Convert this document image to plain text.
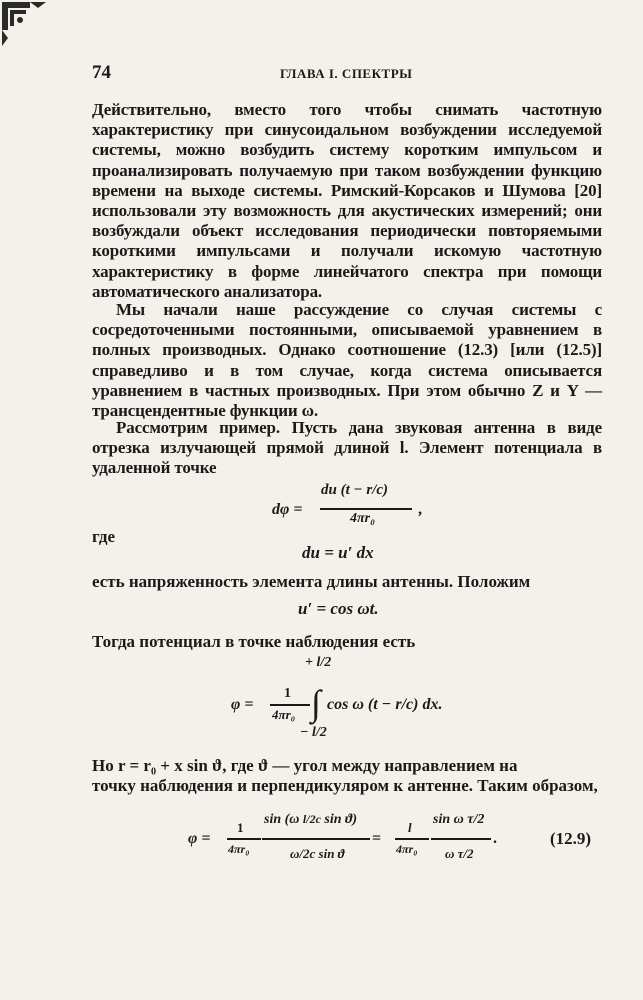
74	ГЛАВА I. СПЕКТРЫ

Действительно, вместо того чтобы снимать частотную характеристику при синусоидальном возбуждении исследуемой системы, можно возбудить систему коротким импульсом и проанализировать получаемую при таком возбуждении функцию времени на выходе системы. Римский-Корсаков и Шумова [20] использовали эту возможность для акустических измерений; они возбуждали объект исследования периодически повторяемыми короткими импульсами и получали искомую частотную характеристику в форме линейчатого спектра при помощи автоматического анализатора.

Мы начали наше рассуждение со случая системы с сосредоточенными постоянными, описываемой уравнением в полных производных. Однако соотношение (12.3) [или (12.5)] справедливо и в том случае, когда система описывается уравнением в частных производных. При этом обычно Z и Y — трансцендентные функции ω.

Рассмотрим пример. Пусть дана звуковая антенна в виде отрезка излучающей прямой длиной l. Элемент потенциала в удаленной точке

dφ =
du (t − r/c)
4πr₀
,
где
du = u′ dx
есть напряженность элемента длины антенны. Положим
u′ = cos ωt.
Тогда потенциал в точке наблюдения есть
+ l/2
φ =
1
4πr₀ ∫ cos ω (t − r/c) dx.
− l/2
Но r = r₀ + x sin ϑ, где ϑ — угол между направлением на
точку наблюдения и перпендикуляром к антенне. Таким образом,
φ =
1
4πr₀
sin (ω l/2c sin ϑ)
ω/2c sin ϑ
=
l
4πr₀
sin ω τ/2
ω τ/2
.	(12.9)
